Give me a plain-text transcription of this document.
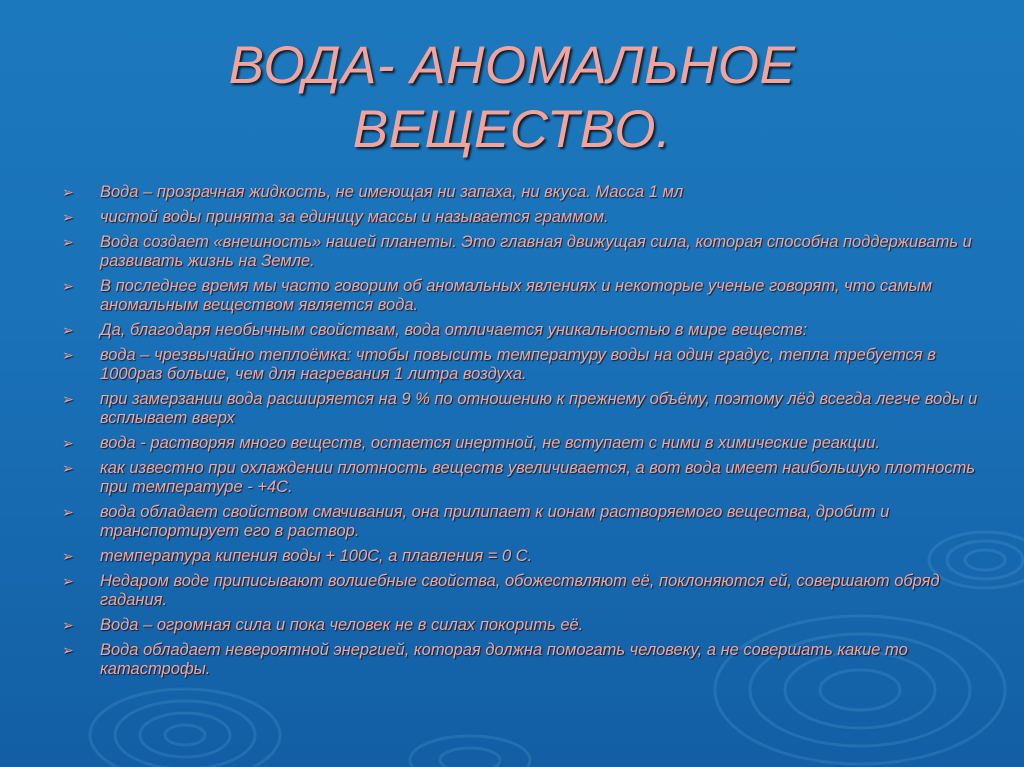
ВОДА- АНОМАЛЬНОЕ
ВЕЩЕСТВО.
➢ Вода – прозрачная жидкость, не имеющая ни запаха, ни вкуса. Масса 1 мл
➢ чистой воды принята за единицу массы и называется граммом.
➢ Вода создает «внешность» нашей планеты. Это главная движущая сила, которая способна поддерживать и развивать жизнь на Земле.
➢ В последнее время мы часто говорим об аномальных явлениях и некоторые ученые говорят, что самым аномальным веществом является вода.
➢ Да, благодаря необычным свойствам, вода отличается уникальностью в мире веществ:
➢ вода – чрезвычайно теплоёмка: чтобы повысить температуру воды на один градус, тепла требуется в 1000раз больше, чем для нагревания 1 литра воздуха.
➢ при замерзании вода расширяется на 9 % по отношению к прежнему объёму, поэтому лёд всегда легче воды и всплывает вверх
➢ вода - растворяя много веществ, остается инертной, не вступает с ними в химические реакции.
➢ как известно при охлаждении плотность веществ увеличивается, а вот вода имеет наибольшую плотность при температуре - +4С.
➢ вода обладает свойством смачивания, она прилипает к ионам растворяемого вещества, дробит и транспортирует его в раствор.
➢ температура кипения воды + 100С, а плавления = 0 С.
➢ Недаром воде приписывают волшебные свойства, обожествляют её, поклоняются ей, совершают обряд гадания.
➢ Вода – огромная сила и пока человек не в силах покорить её.
➢ Вода обладает невероятной энергией, которая должна помогать человеку, а не совершать какие то катастрофы.
